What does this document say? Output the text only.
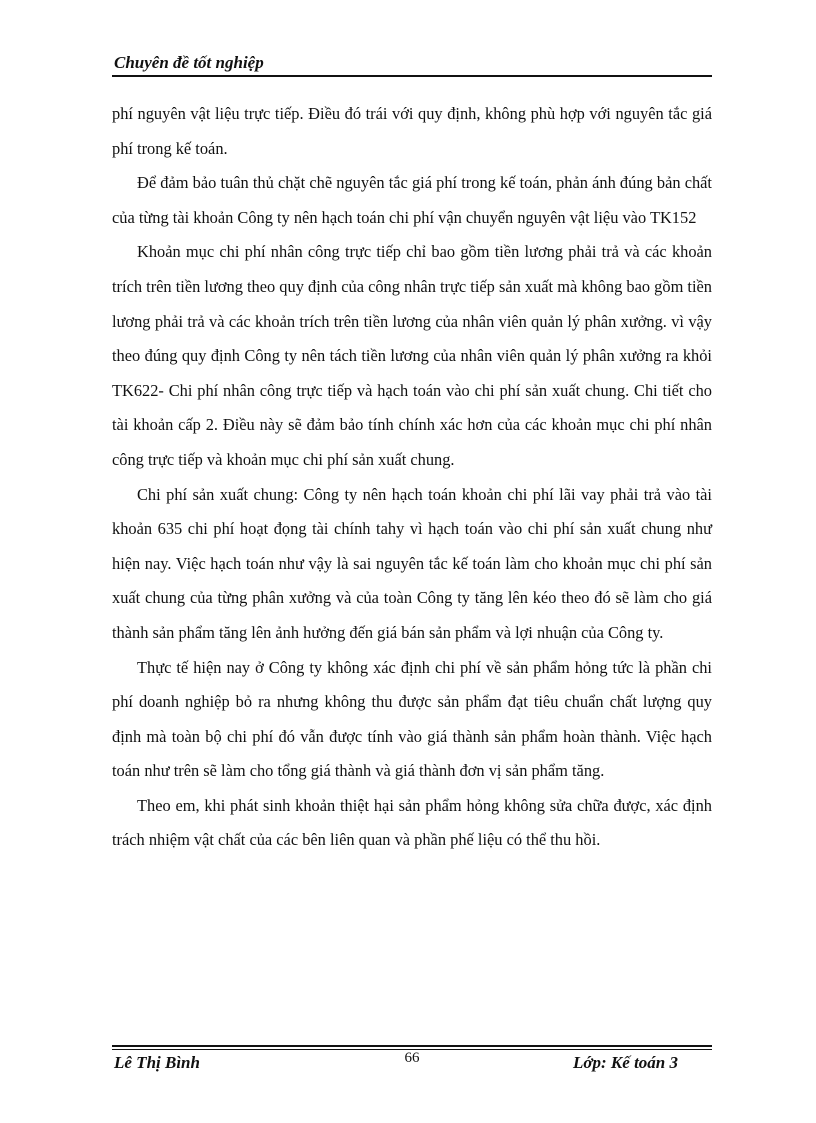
Chuyên đề tốt nghiệp

phí nguyên vật liệu trực tiếp. Điều đó trái với quy định, không phù hợp với nguyên tắc giá phí trong kế toán.

Để đảm bảo tuân thủ chặt chẽ nguyên tắc giá phí trong kế toán, phản ánh đúng bản chất của từng tài khoản Công ty nên hạch toán chi phí vận chuyển nguyên vật liệu vào TK152

Khoản mục chi phí nhân công trực tiếp chỉ bao gồm tiền lương phải trả và các khoản trích trên tiền lương theo quy định của công nhân trực tiếp sản xuất mà không bao gồm tiền lương phải trả và các khoản trích trên tiền lương của nhân viên quản lý phân xưởng. vì vậy theo đúng quy định Công ty nên tách tiền lương của nhân viên quản lý phân xưởng ra khỏi TK622- Chi phí nhân công trực tiếp và hạch toán vào chi phí sản xuất chung. Chi tiết cho tài khoản cấp 2. Điều này sẽ đảm bảo tính chính xác hơn của các khoản mục chi phí nhân công trực tiếp và khoản mục chi phí sản xuất chung.

Chi phí sản xuất chung: Công ty nên hạch toán khoản chi phí lãi vay phải trả vào tài khoản 635 chi phí hoạt đọng tài chính tahy vì hạch toán vào chi phí sản xuất chung như hiện nay. Việc hạch toán như vậy là sai nguyên tắc kế toán làm cho khoản mục chi phí sản xuất chung của từng phân xưởng và của toàn Công ty tăng lên kéo theo đó sẽ làm cho giá thành sản phẩm tăng lên ảnh hưởng đến giá bán sản phẩm và lợi nhuận của Công ty.

Thực tế hiện nay ở Công ty không xác định chi phí về sản phẩm hỏng tức là phần chi phí doanh nghiệp bỏ ra nhưng không thu được sản phẩm đạt tiêu chuẩn chất lượng quy định mà toàn bộ chi phí đó vẫn được tính vào giá thành sản phẩm hoàn thành. Việc hạch toán như trên sẽ làm cho tổng giá thành và giá thành đơn vị sản phẩm tăng.

Theo em, khi phát sinh khoản thiệt hại sản phẩm hỏng không sửa chữa được, xác định trách nhiệm vật chất của các bên liên quan và phần phế liệu có thể thu hồi.

Lê Thị Bình	66	Lớp: Kế toán 3
